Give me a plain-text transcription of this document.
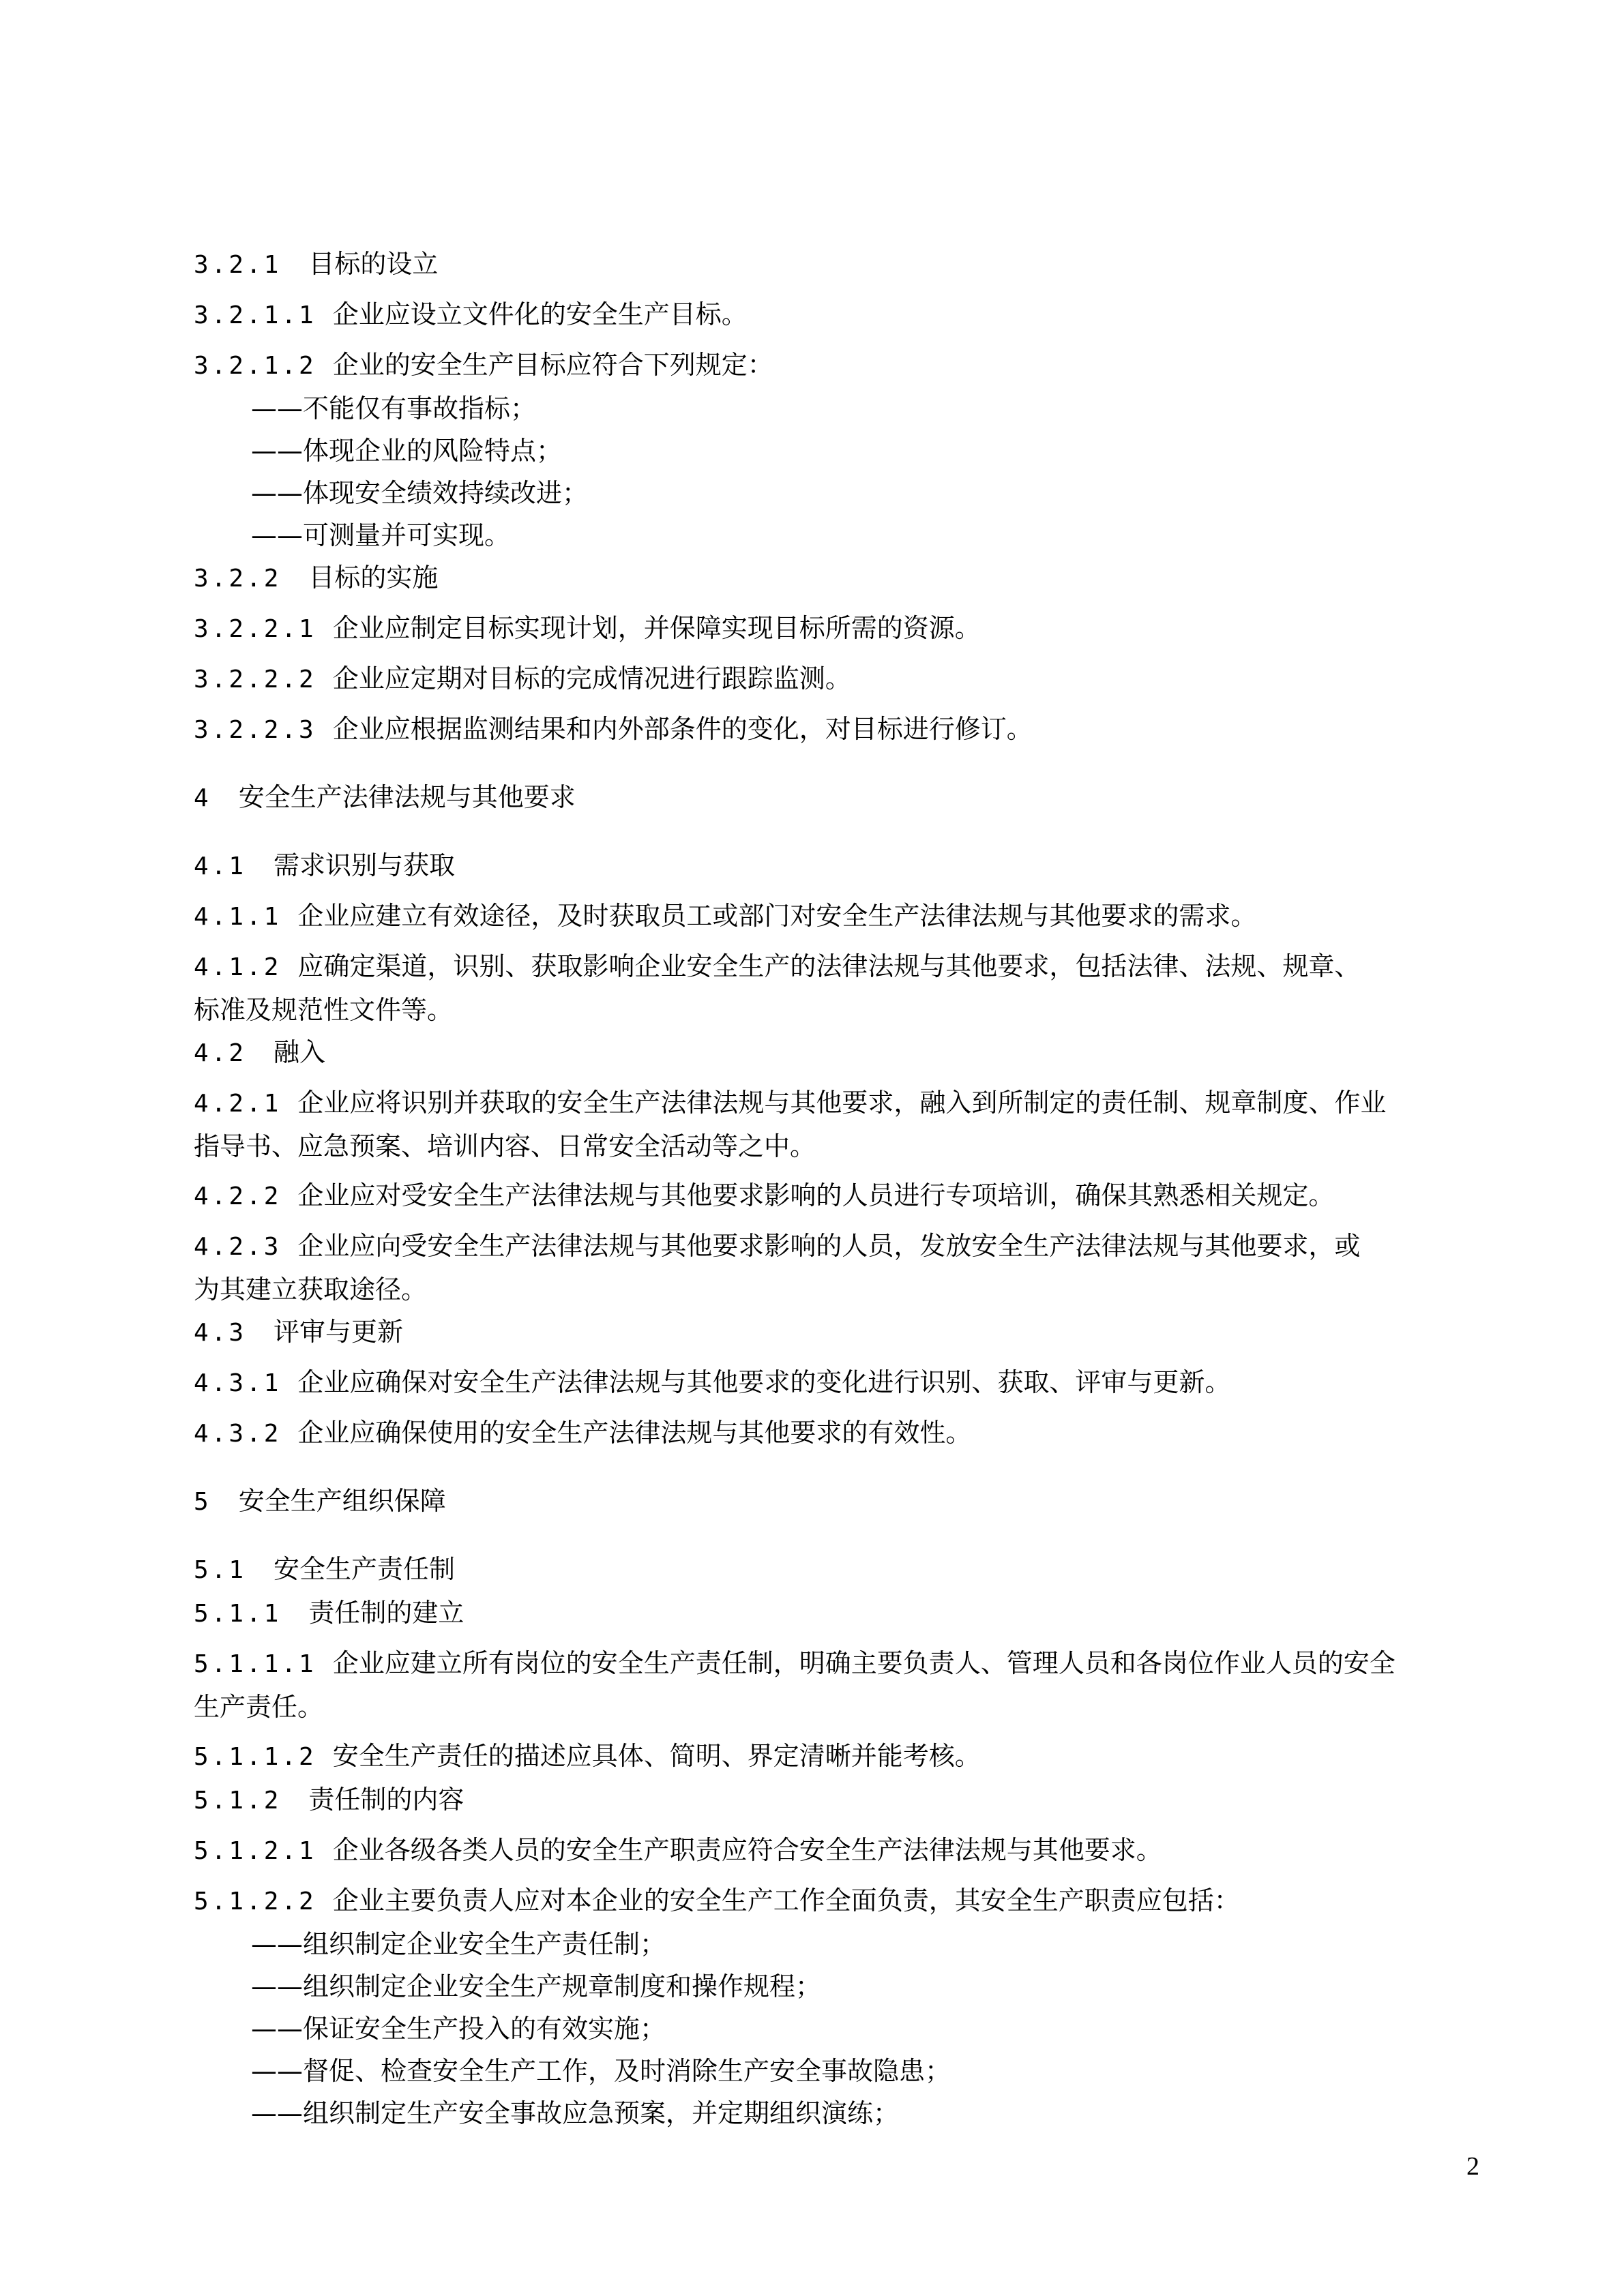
3.2.1 目标的设立
3.2.1.1 企业应设立文件化的安全生产目标。
3.2.1.2 企业的安全生产目标应符合下列规定：
——不能仅有事故指标；
——体现企业的风险特点；
——体现安全绩效持续改进；
——可测量并可实现。
3.2.2 目标的实施
3.2.2.1 企业应制定目标实现计划，并保障实现目标所需的资源。
3.2.2.2 企业应定期对目标的完成情况进行跟踪监测。
3.2.2.3 企业应根据监测结果和内外部条件的变化，对目标进行修订。
4 安全生产法律法规与其他要求
4.1 需求识别与获取
4.1.1 企业应建立有效途径，及时获取员工或部门对安全生产法律法规与其他要求的需求。
4.1.2 应确定渠道，识别、获取影响企业安全生产的法律法规与其他要求，包括法律、法规、规章、
标准及规范性文件等。
4.2 融入
4.2.1 企业应将识别并获取的安全生产法律法规与其他要求，融入到所制定的责任制、规章制度、作业
指导书、应急预案、培训内容、日常安全活动等之中。
4.2.2 企业应对受安全生产法律法规与其他要求影响的人员进行专项培训，确保其熟悉相关规定。
4.2.3 企业应向受安全生产法律法规与其他要求影响的人员，发放安全生产法律法规与其他要求，或
为其建立获取途径。
4.3 评审与更新
4.3.1 企业应确保对安全生产法律法规与其他要求的变化进行识别、获取、评审与更新。
4.3.2 企业应确保使用的安全生产法律法规与其他要求的有效性。
5 安全生产组织保障
5.1 安全生产责任制
5.1.1 责任制的建立
5.1.1.1 企业应建立所有岗位的安全生产责任制，明确主要负责人、管理人员和各岗位作业人员的安全
生产责任。
5.1.1.2 安全生产责任的描述应具体、简明、界定清晰并能考核。
5.1.2 责任制的内容
5.1.2.1 企业各级各类人员的安全生产职责应符合安全生产法律法规与其他要求。
5.1.2.2 企业主要负责人应对本企业的安全生产工作全面负责，其安全生产职责应包括：
——组织制定企业安全生产责任制；
——组织制定企业安全生产规章制度和操作规程；
——保证安全生产投入的有效实施；
——督促、检查安全生产工作，及时消除生产安全事故隐患；
——组织制定生产安全事故应急预案，并定期组织演练；
2
